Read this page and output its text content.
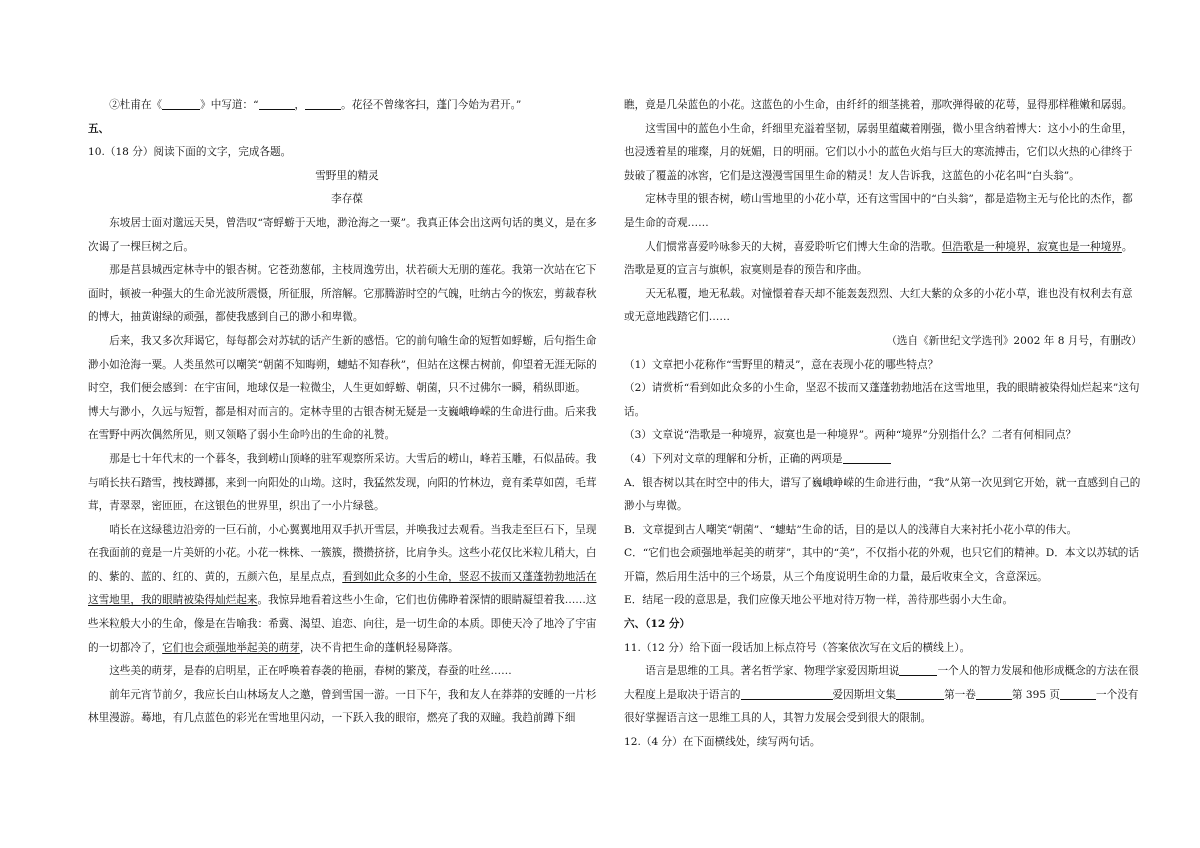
②杜甫在《	》中写道：“	，	。花径不曾缘客扫，蓬门今始为君开。”

五、

10.（18 分）阅读下面的文字，完成各题。

雪野里的精灵

李存葆

东坡居士面对邈远天昊，曾浩叹“寄蜉蝣于天地，渺沧海之一粟”。我真正体会出这两句话的奥义，是在多次谒了一棵巨树之后。

那是莒县城西定林寺中的银杏树。它苍劲葱郁，主枝周逸劳出，状若硕大无朋的莲花。我第一次站在它下面时，顿被一种强大的生命光波所震慑，所征服，所溶解。它那腾游时空的气魄，吐纳古今的恢宏，剪裁春秋的博大，抽黄谢绿的顽强，都使我感到自己的渺小和卑微。

后来，我又多次拜谒它，每每都会对苏轼的话产生新的感悟。它的前句喻生命的短暂如蜉蝣，后句指生命渺小如沧海一粟。人类虽然可以嘲笑“朝菌不知晦朔，蟪蛄不知春秋”，但站在这棵古树前，仰望着无涯无际的时空，我们便会感到：在宇宙间，地球仅是一粒微尘，人生更如蜉蝣、朝菌，只不过佛尔一瞬，稍纵即逝。

博大与渺小，久远与短暂，都是相对而言的。定林寺里的古银杏树无疑是一支巍峨峥嵘的生命进行曲。后来我在雪野中两次偶然所见，则又领略了弱小生命吟出的生命的礼赞。

那是七十年代末的一个暮冬，我到崂山顶峰的驻军观察所采访。大雪后的崂山，峰若玉雕，石似晶砖。我与哨长扶石踏雪，拽枝蹲挪，来到一向阳处的山坳。这时，我猛然发现，向阳的竹林边，竟有柔草如茵，毛茸茸，青翠翠，密匝匝，在这银色的世界里，织出了一小片绿毯。

哨长在这绿毯边沿旁的一巨石前，小心翼翼地用双手扒开雪层，并唤我过去观看。当我走至巨石下，呈现在我面前的竟是一片美妍的小花。小花一株株、一簇簇，攒攒挤挤，比肩争头。这些小花仅比米粒儿稍大，白的、紫的、蓝的、红的、黄的，五颜六色，星星点点，看到如此众多的小生命，竖忍不拔而又蓬蓬勃勃地活在这雪地里，我的眼睛被染得灿烂起来。我惊异地看着这些小生命，它们也仿佛睁着深情的眼睛凝望着我……这些米粒般大小的生命，像是在告喻我：希冀、渴望、追恋、向往，是一切生命的本质。即使天冷了地冷了宇宙的一切都冷了，它们也会顽强地举起美的萌芽，决不肯把生命的蓬帆轻易降落。

这些美的萌芽，是春的启明星，正在呼唤着春袭的艳丽，春树的繁茂，春蚕的吐丝……

前年元宵节前夕，我应长白山林场友人之邀，曾到雪国一游。一日下午，我和友人在莽莽的安睡的一片杉林里漫游。蓦地，有几点蓝色的彩光在雪地里闪动，一下跃入我的眼帘，燃亮了我的双瞳。我趋前蹲下细

瞧，竟是几朵蓝色的小花。这蓝色的小生命，由纤纤的细茎挑着，那吹弹得破的花萼，显得那样稚嫩和孱弱。

这雪国中的蓝色小生命，纤细里充溢着坚韧，孱弱里蕴藏着刚强，微小里含纳着博大：这小小的生命里，也浸透着星的璀璨，月的妩媚，日的明丽。它们以小小的蓝色火焰与巨大的寒流搏击，它们以火热的心律终于鼓破了覆盖的冰窖，它们是这漫漫雪国里生命的精灵！友人告诉我，这蓝色的小花名叫“白头翁”。

定林寺里的银杏树，崂山雪地里的小花小草，还有这雪国中的“白头翁”，都是造物主无与伦比的杰作，都是生命的奇观……

人们惯常喜爱吟咏参天的大树，喜爱聆听它们博大生命的浩歌。但浩歌是一种境界，寂寞也是一种境界。浩歌是夏的宣言与旗帜，寂寞则是春的预告和序曲。

天无私覆，地无私载。对憧憬着春天却不能轰轰烈烈、大红大紫的众多的小花小草，谁也没有权利去有意或无意地践踏它们……

（选自《新世纪文学选刊》2002 年 8 月号，有删改）

（1）文章把小花称作“雪野里的精灵”，意在表现小花的哪些特点？

（2）请赏析“看到如此众多的小生命，坚忍不拔而又蓬蓬勃勃地活在这雪地里，我的眼睛被染得灿烂起来”这句话。

（3）文章说“浩歌是一种境界，寂寞也是一种境界”。两种“境界”分别指什么？二者有何相同点？

（4）下列对文章的理解和分析，正确的两项是

A．银杏树以其在时空中的伟大，谱写了巍峨峥嵘的生命进行曲，“我”从第一次见到它开始，就一直感到自己的渺小与卑微。

B．文章提到古人嘲笑“朝菌”、“蟪蛄”生命的话，目的是以人的浅薄自大来衬托小花小草的伟大。

C．“它们也会顽强地举起美的萌芽”，其中的“美”，不仅指小花的外观，也只它们的精神。D．本文以苏轼的话开篇，然后用生活中的三个场景，从三个角度说明生命的力量，最后收束全文，含意深远。

E．结尾一段的意思是，我们应像天地公平地对待万物一样，善待那些弱小大生命。

六、（12 分）

11.（12 分）给下面一段话加上标点符号（答案依次写在文后的横线上）。

语言是思维的工具。著名哲学家、物理学家爱因斯坦说	一个人的智力发展和他形成概念的方法在很大程度上是取决于语言的	爱因斯坦文集	第一卷	第 395 页	一个没有很好掌握语言这一思维工具的人，其智力发展会受到很大的限制。

12.（4 分）在下面横线处，续写两句话。
